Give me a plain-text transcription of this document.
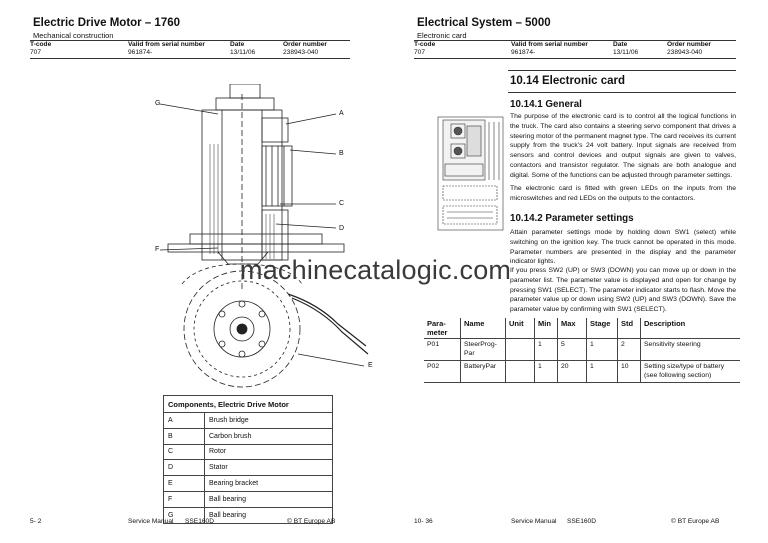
Electric Drive Motor – 1760
Mechanical construction
T-code	Valid from serial number	Date	Order number
707	961874-	13/11/06	238943-040
G
A
B
C
D
F
E
Components, Electric Drive Motor	
A	Brush bridge
B	Carbon brush
C	Rotor
D	Stator
E	Bearing bracket
F	Ball bearing
G	Ball bearing
5- 2	Service Manual SSE160D	© BT Europe AB
Electrical System – 5000
Electronic card
T-code	Valid from serial number	Date	Order number
707	961874-	13/11/06	238943-040
10.14 Electronic card
10.14.1 General

The purpose of the electronic card is to control all the logical functions in the truck. The card also contains a steering servo component that drives a steering motor of the permanent magnet type. The card receives its current supply from the truck's 24 volt battery. Input signals are received from sensors and control devices and output signals are given to valves, contactors and transistor regulator. The signals are both analogue and digital. Some of the functions can be adjusted through parameter settings.

The electronic card is fitted with green LEDs on the inputs from the microswitches and red LEDs on the outputs to the contactors.

10.14.2 Parameter settings

Attain parameter settings mode by holding down SW1 (select) while switching on the ignition key. The truck cannot be operated in this mode. Parameter numbers are presented in the display and the parameter indicator lights.

If you press SW2 (UP) or SW3 (DOWN) you can move up or down in the parameter list. The parameter value is displayed and open for change by pressing SW1 (SELECT). The parameter indicator starts to flash. Move the parameter value up or down using SW2 (UP) and SW3 (DOWN). Save the parameter value by confirming with SW1 (SELECT).

Para-meter	Name	Unit	Min	Max	Stage	Std	Description
P01	SteerProg-Par		1	5	1	2	Sensitivity steering
P02	BatteryPar		1	20	1	10	Setting size/type of battery (see following section)
10- 36	Service Manual SSE160D	© BT Europe AB
machinecatalogic.com
